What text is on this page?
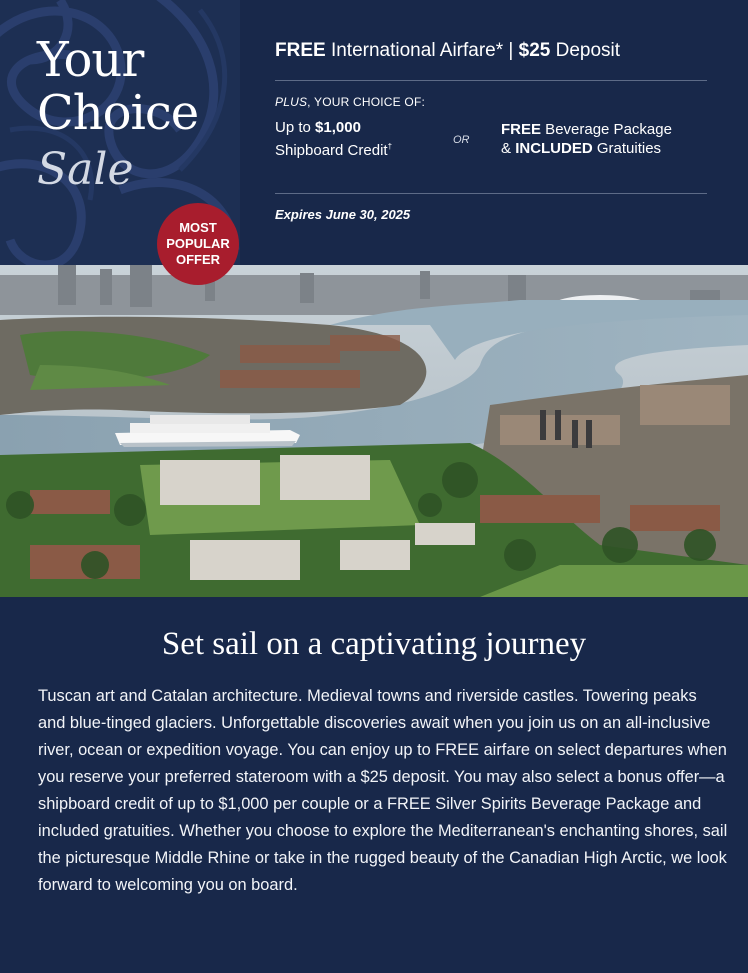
Your
Choice
Sale
FREE International Airfare* | $25 Deposit
PLUS, YOUR CHOICE OF:
Up to $1,000
Shipboard Credit†
OR
FREE Beverage Package
& INCLUDED Gratuities
Expires June 30, 2025
MOST
POPULAR
OFFER
Set sail on a captivating journey

Tuscan art and Catalan architecture. Medieval towns and riverside castles. Towering peaks and blue-tinged glaciers. Unforgettable discoveries await when you join us on an all-inclusive river, ocean or expedition voyage. You can enjoy up to FREE airfare on select departures when you reserve your preferred stateroom with a $25 deposit. You may also select a bonus offer—a shipboard credit of up to $1,000 per couple or a FREE Silver Spirits Beverage Package and included gratuities. Whether you choose to explore the Mediterranean's enchanting shores, sail the picturesque Middle Rhine or take in the rugged beauty of the Canadian High Arctic, we look forward to welcoming you on board.
